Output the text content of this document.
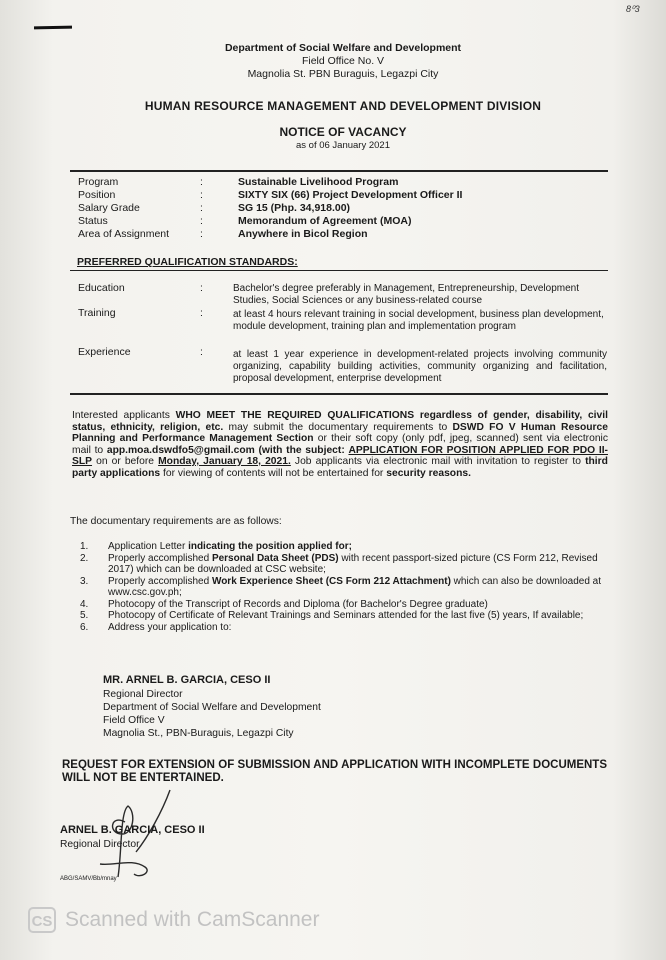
8⁰3
Department of Social Welfare and Development
Field Office No. V
Magnolia St. PBN Buraguis, Legazpi City
HUMAN RESOURCE MANAGEMENT AND DEVELOPMENT DIVISION
NOTICE OF VACANCY
as of 06 January 2021
Program	:	Sustainable Livelihood Program
Position	:	SIXTY SIX (66) Project Development Officer II
Salary Grade	:	SG 15 (Php. 34,918.00)
Status	:	Memorandum of Agreement (MOA)
Area of Assignment	:	Anywhere in Bicol Region
PREFERRED QUALIFICATION STANDARDS:
Education	:	Bachelor's degree preferably in Management, Entrepreneurship, Development Studies, Social Sciences or any business-related course
Training	:	at least 4 hours relevant training in social development, business plan development, module development, training plan and implementation program
Experience	:	at least 1 year experience in development-related projects involving community organizing, capability building activities, community organizing and facilitation, proposal development, enterprise development
Interested applicants WHO MEET THE REQUIRED QUALIFICATIONS regardless of gender, disability, civil status, ethnicity, religion, etc. may submit the documentary requirements to DSWD FO V Human Resource Planning and Performance Management Section or their soft copy (only pdf, jpeg, scanned) sent via electronic mail to app.moa.dswdfo5@gmail.com (with the subject: APPLICATION FOR POSITION APPLIED FOR PDO II- SLP on or before Monday, January 18, 2021. Job applicants via electronic mail with invitation to register to third party applications for viewing of contents will not be entertained for security reasons.
The documentary requirements are as follows:
1.	Application Letter indicating the position applied for;
2.	Properly accomplished Personal Data Sheet (PDS) with recent passport-sized picture (CS Form 212, Revised 2017) which can be downloaded at CSC website;
3.	Properly accomplished Work Experience Sheet (CS Form 212 Attachment) which can also be downloaded at www.csc.gov.ph;
4.	Photocopy of the Transcript of Records and Diploma (for Bachelor's Degree graduate)
5.	Photocopy of Certificate of Relevant Trainings and Seminars attended for the last five (5) years, If available;
6.	Address your application to:
MR. ARNEL B. GARCIA, CESO II
Regional Director
Department of Social Welfare and Development
Field Office V
Magnolia St., PBN-Buraguis, Legazpi City
REQUEST FOR EXTENSION OF SUBMISSION AND APPLICATION WITH INCOMPLETE DOCUMENTS WILL NOT BE ENTERTAINED.
ARNEL B. GARCIA, CESO II
Regional Director
ABG/SAMV/Bb/mnay
CS Scanned with CamScanner
